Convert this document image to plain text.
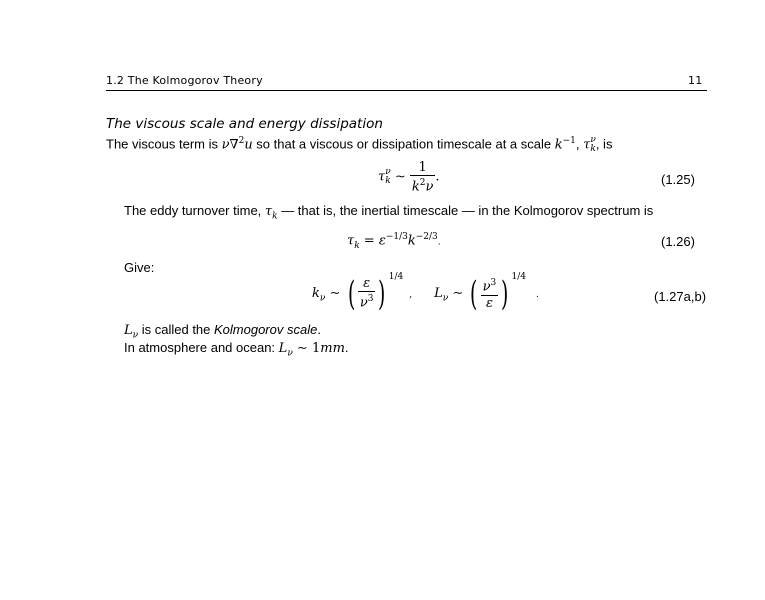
1.2 The Kolmogorov Theory	11
The viscous scale and energy dissipation
The viscous term is ν∇$^2$u so that a viscous or dissipation timescale at a scale $k^{-1}$, τ ν
k , is
τ ν
k ∼ $\frac{1}{k^2\nu}$ .	(1.25)
The eddy turnover time, $\tau_k$ — that is, the inertial timescale — in the Kolmogorov spectrum is
$\tau_k = \varepsilon^{-1/3}k^{-2/3}$.	(1.26)
Give:
$k_\nu$ ∼ ( $\frac{\varepsilon}{\nu^3}$ ) $^{1/4}$, $L_\nu$ ∼ ( $\frac{\nu^3}{\varepsilon}$ ) $^{1/4}$.	(1.27a,b)
$L_\nu$ is called the Kolmogorov scale.
In atmosphere and ocean: $L_\nu$ ∼ 1mm.
